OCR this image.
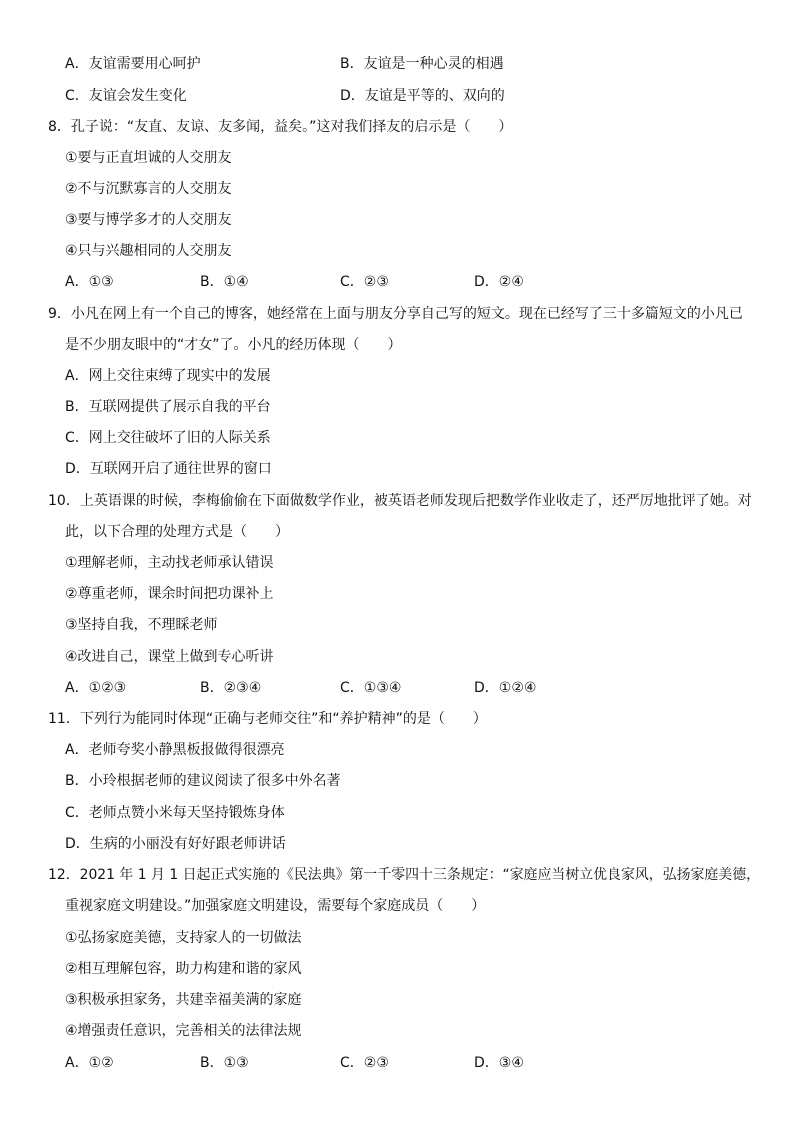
A．友谊需要用心呵护	B．友谊是一种心灵的相遇
C．友谊会发生变化	D．友谊是平等的、双向的
8．孔子说：“友直、友谅、友多闻，益矣。”这对我们择友的启示是（　　）
①要与正直坦诚的人交朋友
②不与沉默寡言的人交朋友
③要与博学多才的人交朋友
④只与兴趣相同的人交朋友
A．①③	B．①④	C．②③	D．②④
9．小凡在网上有一个自己的博客，她经常在上面与朋友分享自己写的短文。现在已经写了三十多篇短文的小凡已
是不少朋友眼中的“才女”了。小凡的经历体现（　　）
A．网上交往束缚了现实中的发展
B．互联网提供了展示自我的平台
C．网上交往破坏了旧的人际关系
D．互联网开启了通往世界的窗口
10．上英语课的时候，李梅偷偷在下面做数学作业，被英语老师发现后把数学作业收走了，还严厉地批评了她。对
此，以下合理的处理方式是（　　）
①理解老师，主动找老师承认错误
②尊重老师，课余时间把功课补上
③坚持自我，不理睬老师
④改进自己，课堂上做到专心听讲
A．①②③	B．②③④	C．①③④	D．①②④
11．下列行为能同时体现“正确与老师交往”和“养护精神”的是（　　）
A．老师夸奖小静黑板报做得很漂亮
B．小玲根据老师的建议阅读了很多中外名著
C．老师点赞小米每天坚持锻炼身体
D．生病的小丽没有好好跟老师讲话
12．2021 年 1 月 1 日起正式实施的《民法典》第一千零四十三条规定：“家庭应当树立优良家风，弘扬家庭美德，
重视家庭文明建设。”加强家庭文明建设，需要每个家庭成员（　　）
①弘扬家庭美德，支持家人的一切做法
②相互理解包容，助力构建和谐的家风
③积极承担家务，共建幸福美满的家庭
④增强责任意识，完善相关的法律法规
A．①②	B．①③	C．②③	D．③④
